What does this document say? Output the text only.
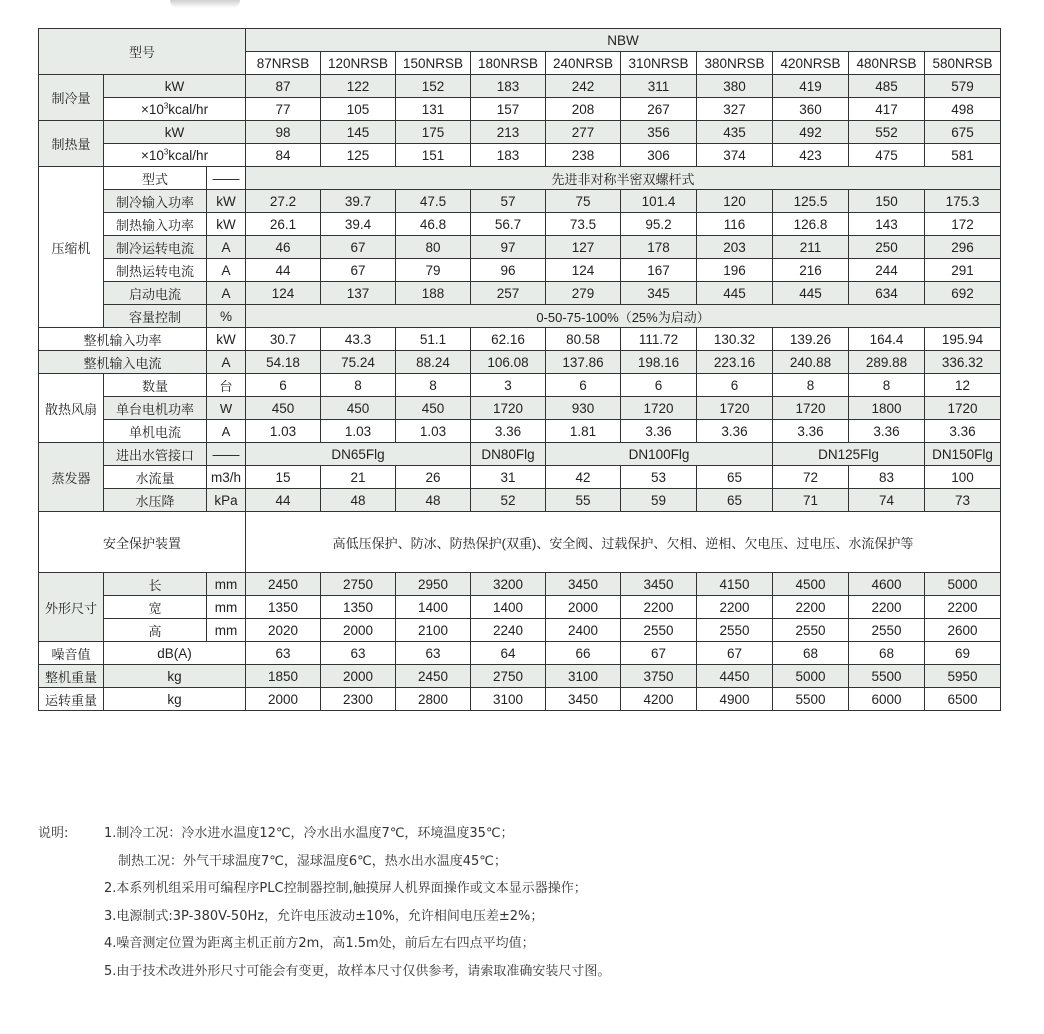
型号			NBW									
			87NRSB	120NRSB	150NRSB	180NRSB	240NRSB	310NRSB	380NRSB	420NRSB	480NRSB	580NRSB
制冷量	kW		87	122	152	183	242	311	380	419	485	579
	$\times 10^3kcal/hr$		77	105	131	157	208	267	327	360	417	498
制热量	kW		98	145	175	213	277	356	435	492	552	675
	$\times 10^3kcal/hr$		84	125	151	183	238	306	374	423	475	581
压缩机	型式	——	先进非对称半密双螺杆式									
	制冷输入功率	kW	27.2	39.7	47.5	57	75	101.4	120	125.5	150	175.3
	制热输入功率	kW	26.1	39.4	46.8	56.7	73.5	95.2	116	126.8	143	172
	制冷运转电流	A	46	67	80	97	127	178	203	211	250	296
	制热运转电流	A	44	67	79	96	124	167	196	216	244	291
	启动电流	A	124	137	188	257	279	345	445	445	634	692
	容量控制	%	0-50-75-100%（25%为启动）									
整机输入功率		kW	30.7	43.3	51.1	62.16	80.58	111.72	130.32	139.26	164.4	195.94
整机输入电流		A	54.18	75.24	88.24	106.08	137.86	198.16	223.16	240.88	289.88	336.32
散热风扇	数量	台	6	8	8	3	6	6	6	8	8	12
	单台电机功率	W	450	450	450	1720	930	1720	1720	1720	1800	1720
	单机电流	A	1.03	1.03	1.03	3.36	1.81	3.36	3.36	3.36	3.36	3.36
蒸发器	进出水管接口	——	DN65Flg			DN80Flg	DN100Flg			DN125Flg		DN150Flg
	水流量	m3/h	15	21	26	31	42	53	65	72	83	100
	水压降	kPa	44	48	48	52	55	59	65	71	74	73
安全保护装置			高低压保护、防冰、防热保护(双重)、安全阀、过载保护、欠相、逆相、欠电压、过电压、水流保护等									
外形尺寸	长	mm	2450	2750	2950	3200	3450	3450	4150	4500	4600	5000
	宽	mm	1350	1350	1400	1400	2000	2200	2200	2200	2200	2200
	高	mm	2020	2000	2100	2240	2400	2550	2550	2550	2550	2600
噪音值	dB(A)		63	63	63	64	66	67	67	68	68	69
整机重量	kg		1850	2000	2450	2750	3100	3750	4450	5000	5500	5950
运转重量	kg		2000	2300	2800	3100	3450	4200	4900	5500	6000	6500
说明:	1.制冷工况：冷水进水温度12℃，冷水出水温度7℃，环境温度35℃；
制热工况：外气干球温度7℃，湿球温度6℃，热水出水温度45℃；
2.本系列机组采用可编程序PLC控制器控制,触摸屏人机界面操作或文本显示器操作；
3.电源制式:3P-380V-50Hz，允许电压波动±10%，允许相间电压差±2%；
4.噪音测定位置为距离主机正前方2m，高1.5m处，前后左右四点平均值；
5.由于技术改进外形尺寸可能会有变更，故样本尺寸仅供参考，请索取准确安装尺寸图。
